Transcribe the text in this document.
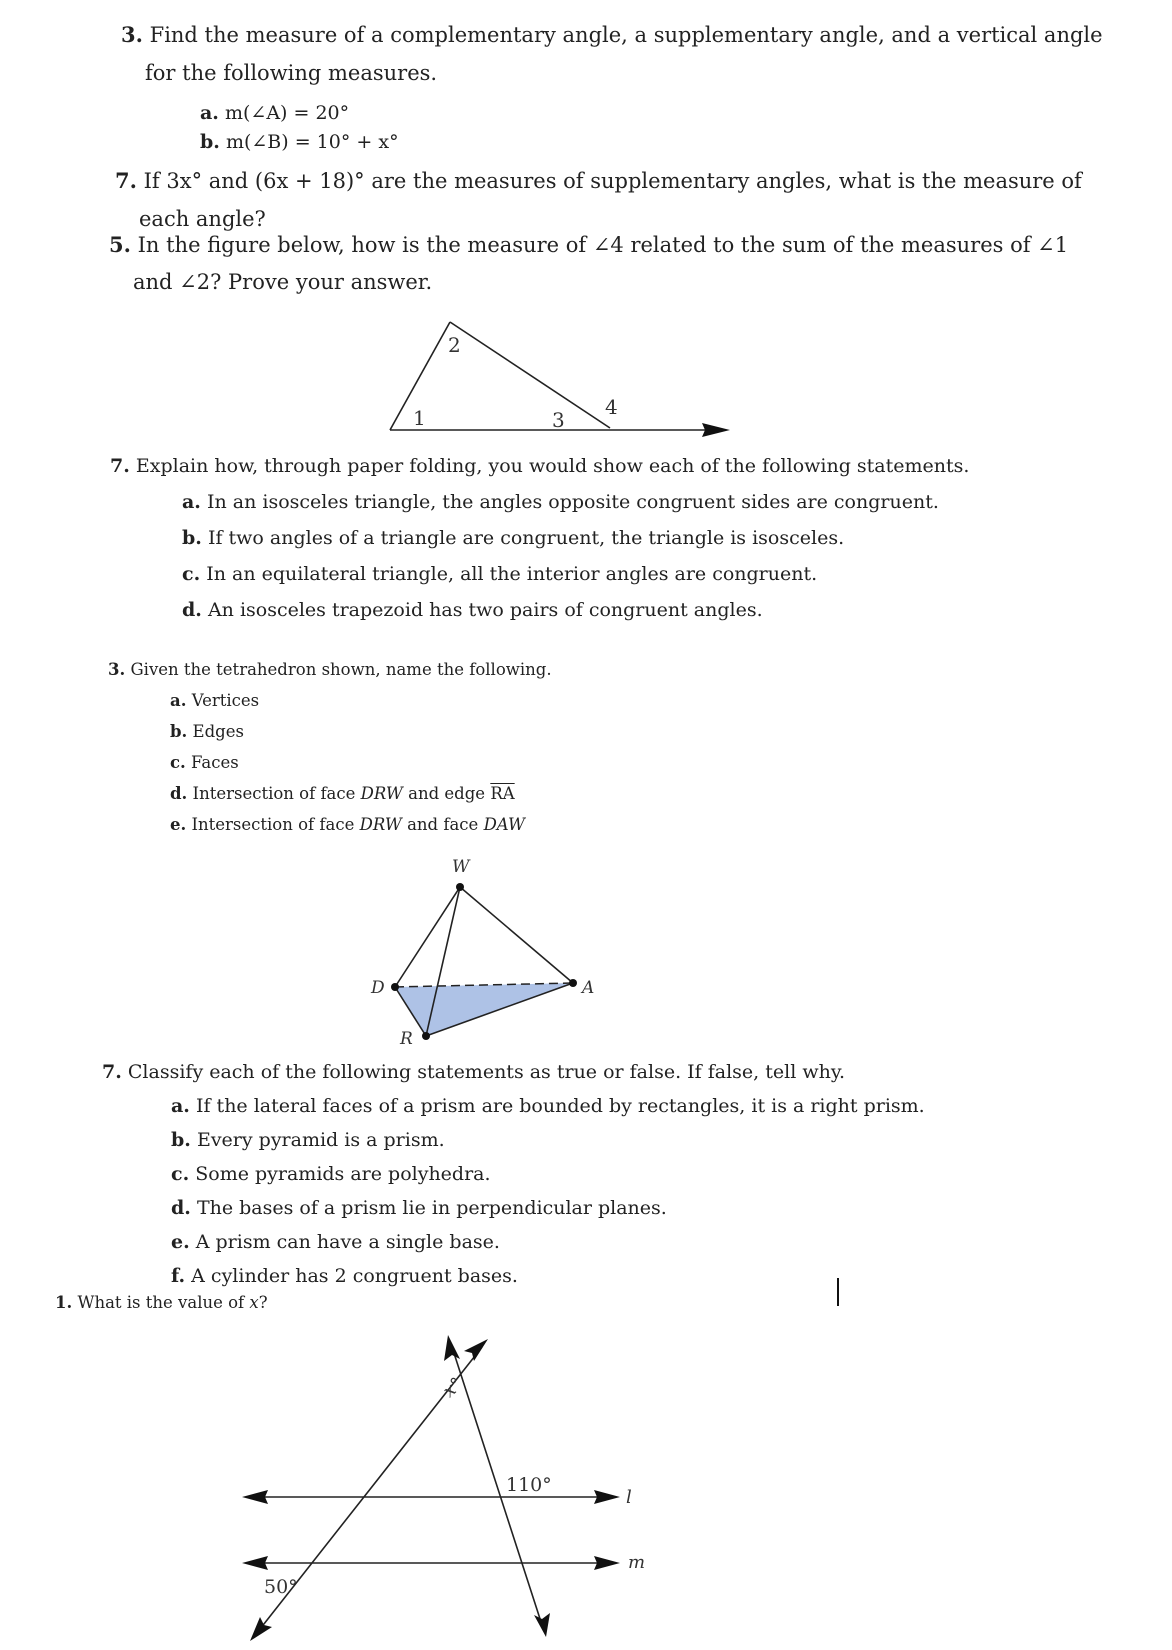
3. Find the measure of a complementary angle, a supplementary angle, and a vertical angle
for the following measures.
a. m(∠A) = 20°
b. m(∠B) = 10° + x°
7. If 3x° and (6x + 18)° are the measures of supplementary angles, what is the measure of
each angle?
5. In the figure below, how is the measure of ∠4 related to the sum of the measures of ∠1
and ∠2? Prove your answer.
1
2
3
4
7. Explain how, through paper folding, you would show each of the following statements.
a. In an isosceles triangle, the angles opposite congruent sides are congruent.
b. If two angles of a triangle are congruent, the triangle is isosceles.
c. In an equilateral triangle, all the interior angles are congruent.
d. An isosceles trapezoid has two pairs of congruent angles.
3. Given the tetrahedron shown, name the following.
a. Vertices
b. Edges
c. Faces
d. Intersection of face DRW and edge $\overline{RA}$
e. Intersection of face DRW and face DAW
W
D	A
R
7. Classify each of the following statements as true or false. If false, tell why.
a. If the lateral faces of a prism are bounded by rectangles, it is a right prism.
b. Every pyramid is a prism.
c. Some pyramids are polyhedra.
d. The bases of a prism lie in perpendicular planes.
e. A prism can have a single base.
f. A cylinder has 2 congruent bases.
1. What is the value of x?
x°
110°
50°
l
m
